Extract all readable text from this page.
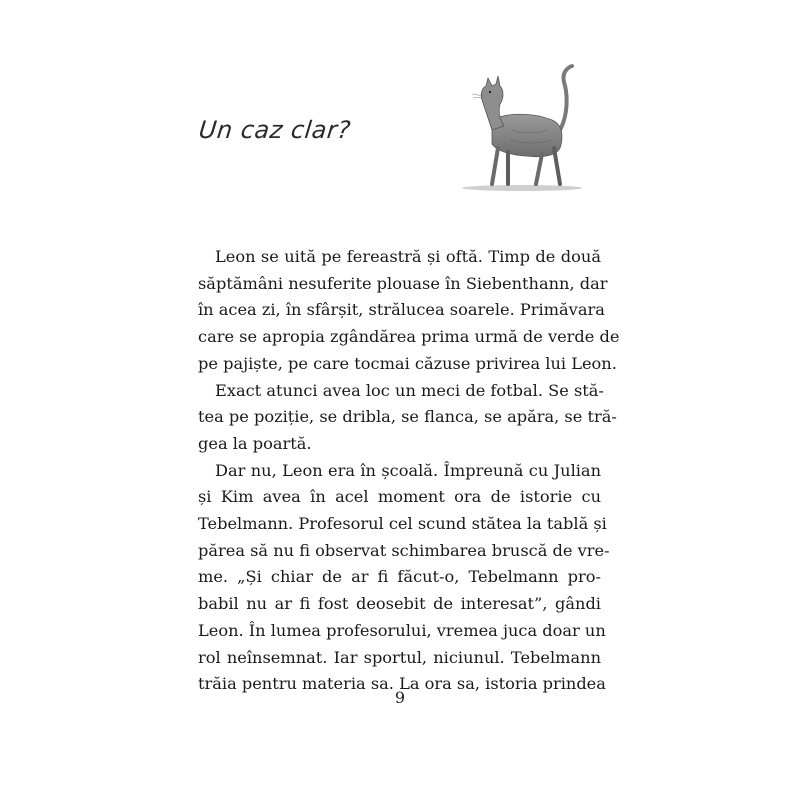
Un caz clar?
Leon se uită pe fereastră și oftă. Timp de două
săptămâni nesuferite plouase în Siebenthann, dar
în acea zi, în sfârșit, strălucea soarele. Primăvara
care se apropia zgândărea prima urmă de verde de
pe pajiște, pe care tocmai căzuse privirea lui Leon.
Exact atunci avea loc un meci de fotbal. Se stă-
tea pe poziție, se dribla, se flanca, se apăra, se tră-
gea la poartă.
Dar nu, Leon era în școală. Împreună cu Julian
și Kim avea în acel moment ora de istorie cu
Tebelmann. Profesorul cel scund stătea la tablă și
părea să nu fi observat schimbarea bruscă de vre-
me. „Și chiar de ar fi făcut-o, Tebelmann pro-
babil nu ar fi fost deosebit de interesat”, gândi
Leon. În lumea profesorului, vremea juca doar un
rol neînsemnat. Iar sportul, niciunul. Tebelmann
trăia pentru materia sa. La ora sa, istoria prindea
9
